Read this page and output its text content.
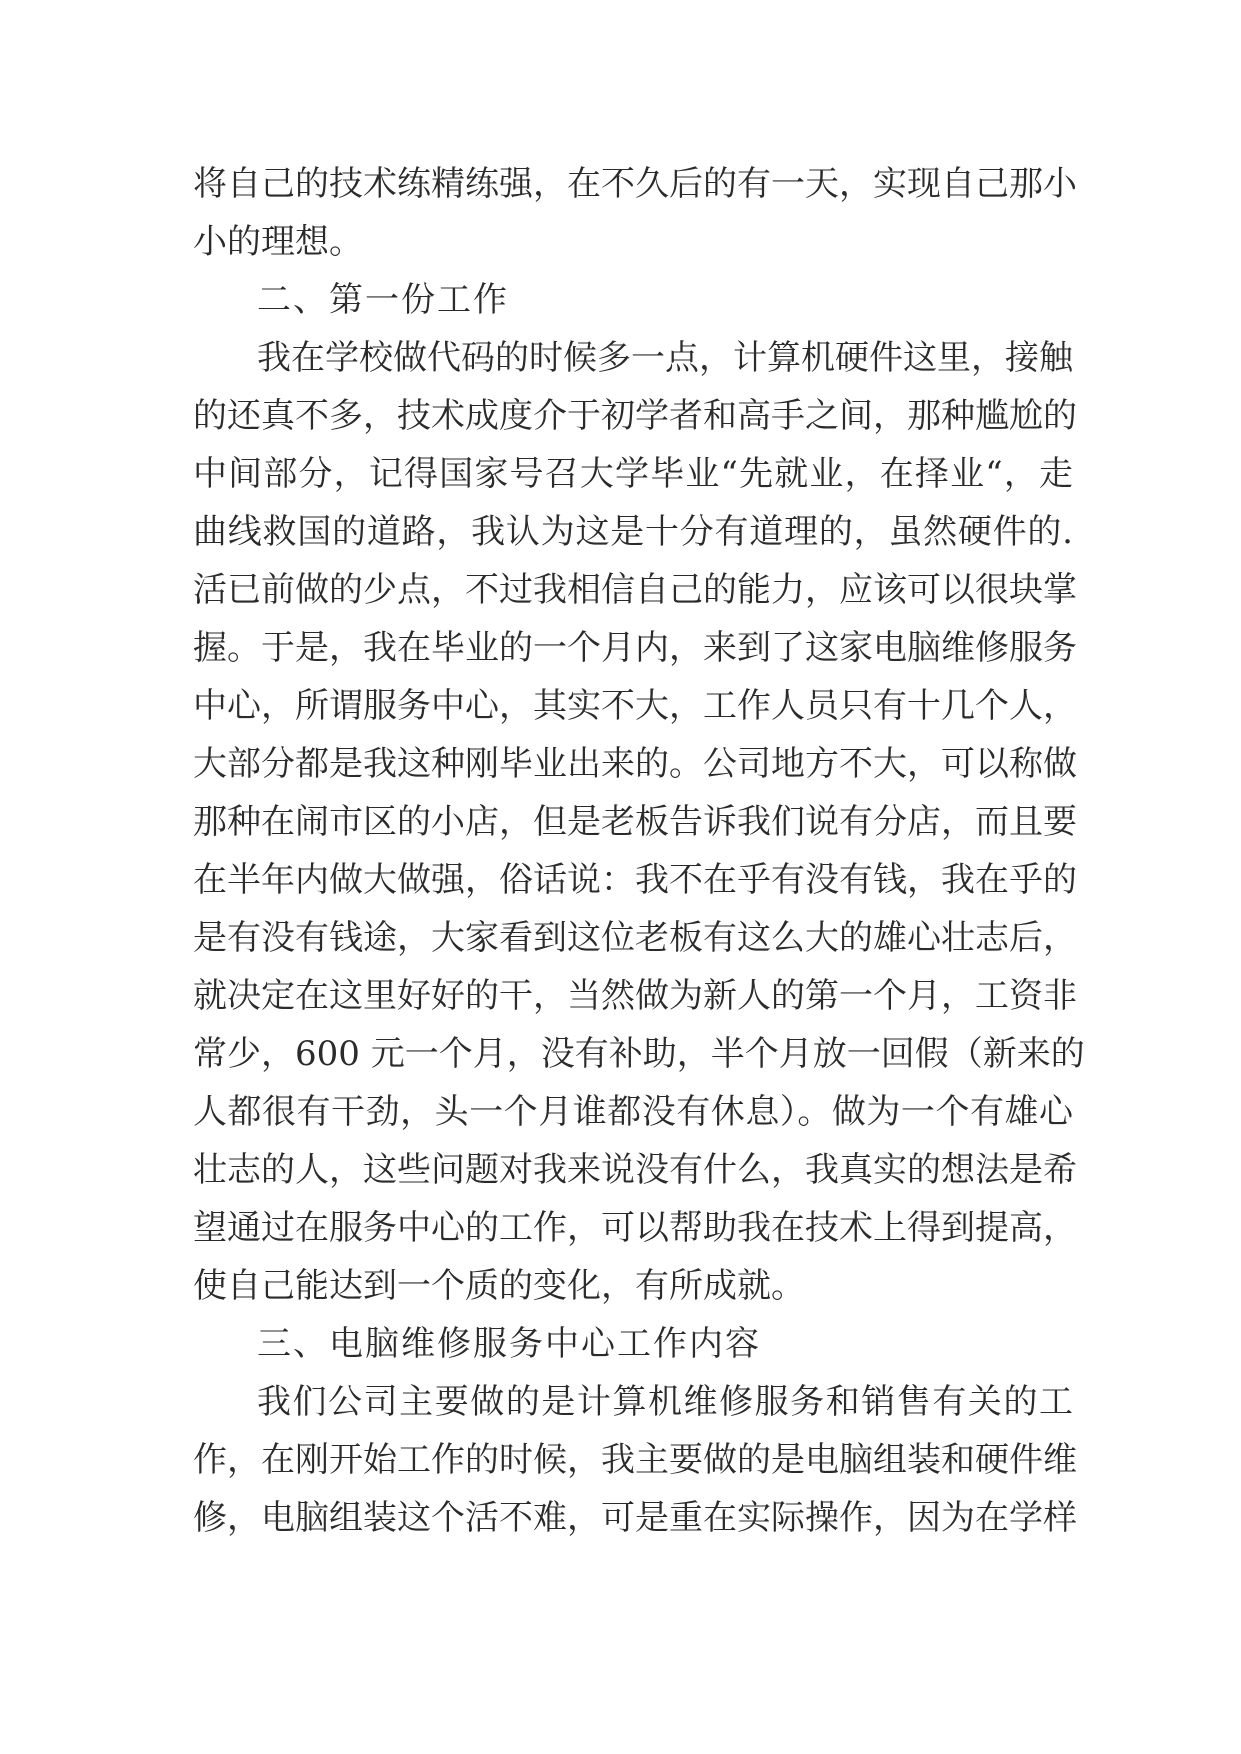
将自己的技术练精练强，在不久后的有一天，实现自己那小
小的理想。
二、第一份工作
我在学校做代码的时候多一点，计算机硬件这里，接触
的还真不多，技术成度介于初学者和高手之间，那种尴尬的
中间部分，记得国家号召大学毕业“先就业，在择业“，走
曲线救国的道路，我认为这是十分有道理的，虽然硬件的.
活已前做的少点，不过我相信自己的能力，应该可以很块掌
握。于是，我在毕业的一个月内，来到了这家电脑维修服务
中心，所谓服务中心，其实不大，工作人员只有十几个人，
大部分都是我这种刚毕业出来的。公司地方不大，可以称做
那种在闹市区的小店，但是老板告诉我们说有分店，而且要
在半年内做大做强，俗话说：我不在乎有没有钱，我在乎的
是有没有钱途，大家看到这位老板有这么大的雄心壮志后，
就决定在这里好好的干，当然做为新人的第一个月，工资非
常少，600 元一个月，没有补助，半个月放一回假（新来的
人都很有干劲，头一个月谁都没有休息）。做为一个有雄心
壮志的人，这些问题对我来说没有什么，我真实的想法是希
望通过在服务中心的工作，可以帮助我在技术上得到提高，
使自己能达到一个质的变化，有所成就。
三、电脑维修服务中心工作内容
我们公司主要做的是计算机维修服务和销售有关的工
作，在刚开始工作的时候，我主要做的是电脑组装和硬件维
修，电脑组装这个活不难，可是重在实际操作，因为在学样
